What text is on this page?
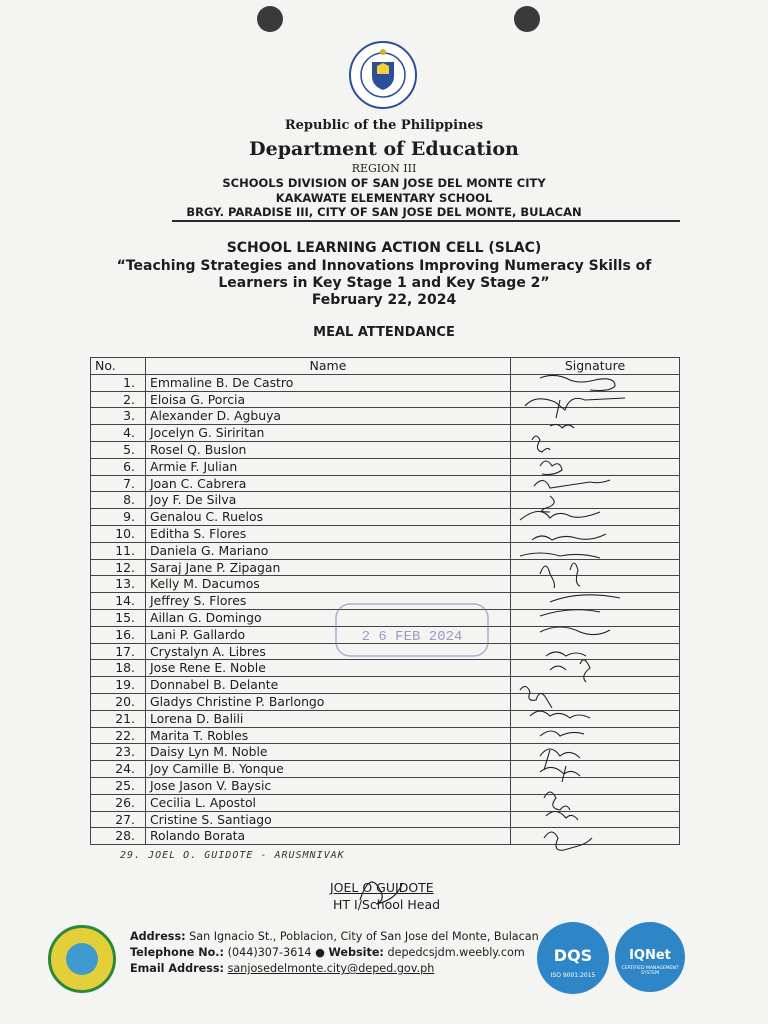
Republic of the Philippines
Department of Education
REGION III
SCHOOLS DIVISION OF SAN JOSE DEL MONTE CITY
KAKAWATE ELEMENTARY SCHOOL
BRGY. PARADISE III, CITY OF SAN JOSE DEL MONTE, BULACAN
SCHOOL LEARNING ACTION CELL (SLAC)
“Teaching Strategies and Innovations Improving Numeracy Skills of
Learners in Key Stage 1 and Key Stage 2”
February 22, 2024
MEAL ATTENDANCE
No.	Name	Signature
1.	Emmaline B. De Castro	
2.	Eloisa G. Porcia	
3.	Alexander D. Agbuya	
4.	Jocelyn G. Siriritan	
5.	Rosel Q. Buslon	
6.	Armie F. Julian	
7.	Joan C. Cabrera	
8.	Joy F. De Silva	
9.	Genalou C. Ruelos	
10.	Editha S. Flores	
11.	Daniela G. Mariano	
12.	Saraj Jane P. Zipagan	
13.	Kelly M. Dacumos	
14.	Jeffrey S. Flores	
15.	Aillan G. Domingo	
16.	Lani P. Gallardo	
17.	Crystalyn A. Libres	
18.	Jose Rene E. Noble	
19.	Donnabel B. Delante	
20.	Gladys Christine P. Barlongo	
21.	Lorena D. Balili	
22.	Marita T. Robles	
23.	Daisy Lyn M. Noble	
24.	Joy Camille B. Yonque	
25.	Jose Jason V. Baysic	
26.	Cecilia L. Apostol	
27.	Cristine S. Santiago	
28.	Rolando Borata	
2 6 FEB 2024
29. JOEL O. GUIDOTE - ARUSMNIVAK
JOEL O GUIDOTE
HT I/School Head
Address: San Ignacio St., Poblacion, City of San Jose del Monte, Bulacan
Telephone No.: (044)307-3614 ● Website: depedcsjdm.weebly.com
Email Address: sanjosedelmonte.city@deped.gov.ph
DQS
ISO 9001:2015
IQNet
CERTIFIED MANAGEMENT SYSTEM
